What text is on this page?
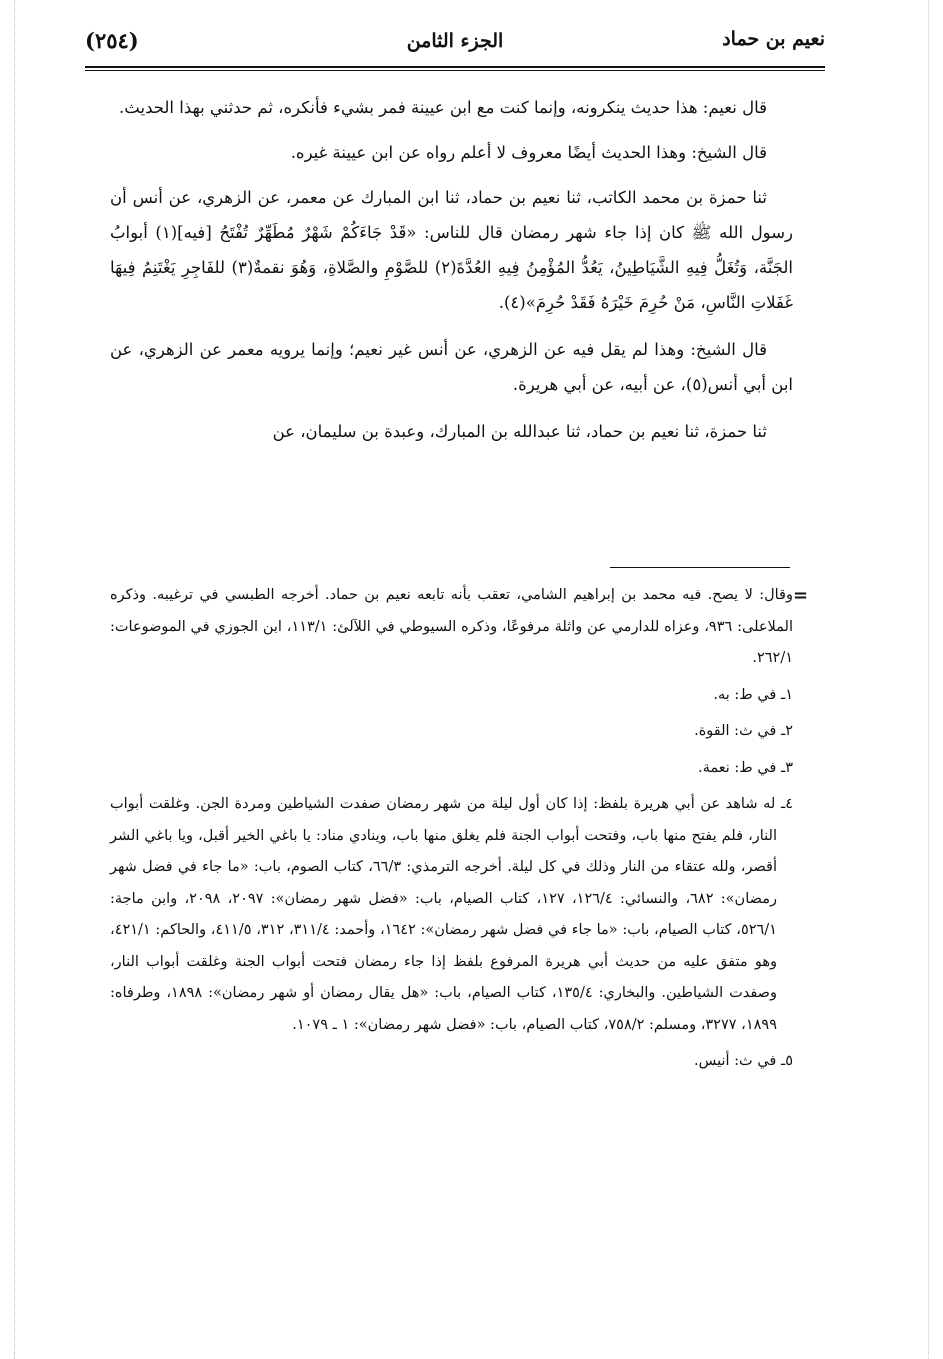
(٢٥٤)	الجزء الثامن	نعيم بن حماد

قال نعيم: هذا حديث ينكرونه، وإنما كنت مع ابن عيينة فمر بشيء فأنكره، ثم حدثني بهذا الحديث.

قال الشيخ: وهذا الحديث أيضًا معروف لا أعلم رواه عن ابن عيينة غيره.

ثنا حمزة بن محمد الكاتب، ثنا نعيم بن حماد، ثنا ابن المبارك عن معمر، عن الزهري، عن أنس أن رسول الله ﷺ كان إذا جاء شهر رمضان قال للناس: «قَدْ جَاءَكُمْ شَهْرٌ مُطَهِّرٌ تُفْتَحُ [فيه](١) أبوابُ الجَنَّة، وَتُغَلُّ فِيهِ الشَّيَاطِينُ، يَعُدُّ المُؤْمِنُ فِيهِ العُدَّةَ(٢) للصَّوْمِ والصَّلاةِ، وَهُوَ نقمةٌ(٣) للفَاجِرِ يَغْتَنِمُ فِيهَا غَفَلاتِ النَّاسِ، مَنْ حُرِمَ خَيْرَهُ فَقَدْ حُرِمَ»(٤).

قال الشيخ: وهذا لم يقل فيه عن الزهري، عن أنس غير نعيم؛ وإنما يرويه معمر عن الزهري، عن ابن أبي أنس(٥)، عن أبيه، عن أبي هريرة.

ثنا حمزة، ثنا نعيم بن حماد، ثنا عبدالله بن المبارك، وعبدة بن سليمان، عن

=

وقال: لا يصح. فيه محمد بن إبراهيم الشامي، تعقب بأنه تابعه نعيم بن حماد. أخرجه الطبسي في ترغيبه. وذكره الملاعلى: ٩٣٦، وعزاه للدارمي عن واثلة مرفوعًا، وذكره السيوطي في اللآلئ: ١١٣/١، ابن الجوزي في الموضوعات: ٢٦٢/١.

١ـ في ط: به.

٢ـ في ث: القوة.

٣ـ في ط: نعمة.

٤ـ له شاهد عن أبي هريرة بلفظ: إذا كان أول ليلة من شهر رمضان صفدت الشياطين ومردة الجن. وغلقت أبواب النار، فلم يفتح منها باب، وفتحت أبواب الجنة فلم يغلق منها باب، وينادي مناد: يا باغي الخير أقبل، ويا باغي الشر أقصر، ولله عتقاء من النار وذلك في كل ليلة. أخرجه الترمذي: ٦٦/٣، كتاب الصوم، باب: «ما جاء في فضل شهر رمضان»: ٦٨٢، والنسائي: ١٢٦/٤، ١٢٧، كتاب الصيام، باب: «فضل شهر رمضان»: ٢٠٩٧، ٢٠٩٨، وابن ماجة: ٥٢٦/١، كتاب الصيام، باب: «ما جاء في فضل شهر رمضان»: ١٦٤٢، وأحمد: ٣١١/٤، ٣١٢، ٤١١/٥، والحاكم: ٤٢١/١، وهو متفق عليه من حديث أبي هريرة المرفوع بلفظ إذا جاء رمضان فتحت أبواب الجنة وغلقت أبواب النار، وصفدت الشياطين. والبخاري: ١٣٥/٤، كتاب الصيام، باب: «هل يقال رمضان أو شهر رمضان»: ١٨٩٨، وطرفاه: ١٨٩٩، ٣٢٧٧، ومسلم: ٧٥٨/٢، كتاب الصيام، باب: «فضل شهر رمضان»: ١ ـ ١٠٧٩.

٥ـ في ث: أنيس.
